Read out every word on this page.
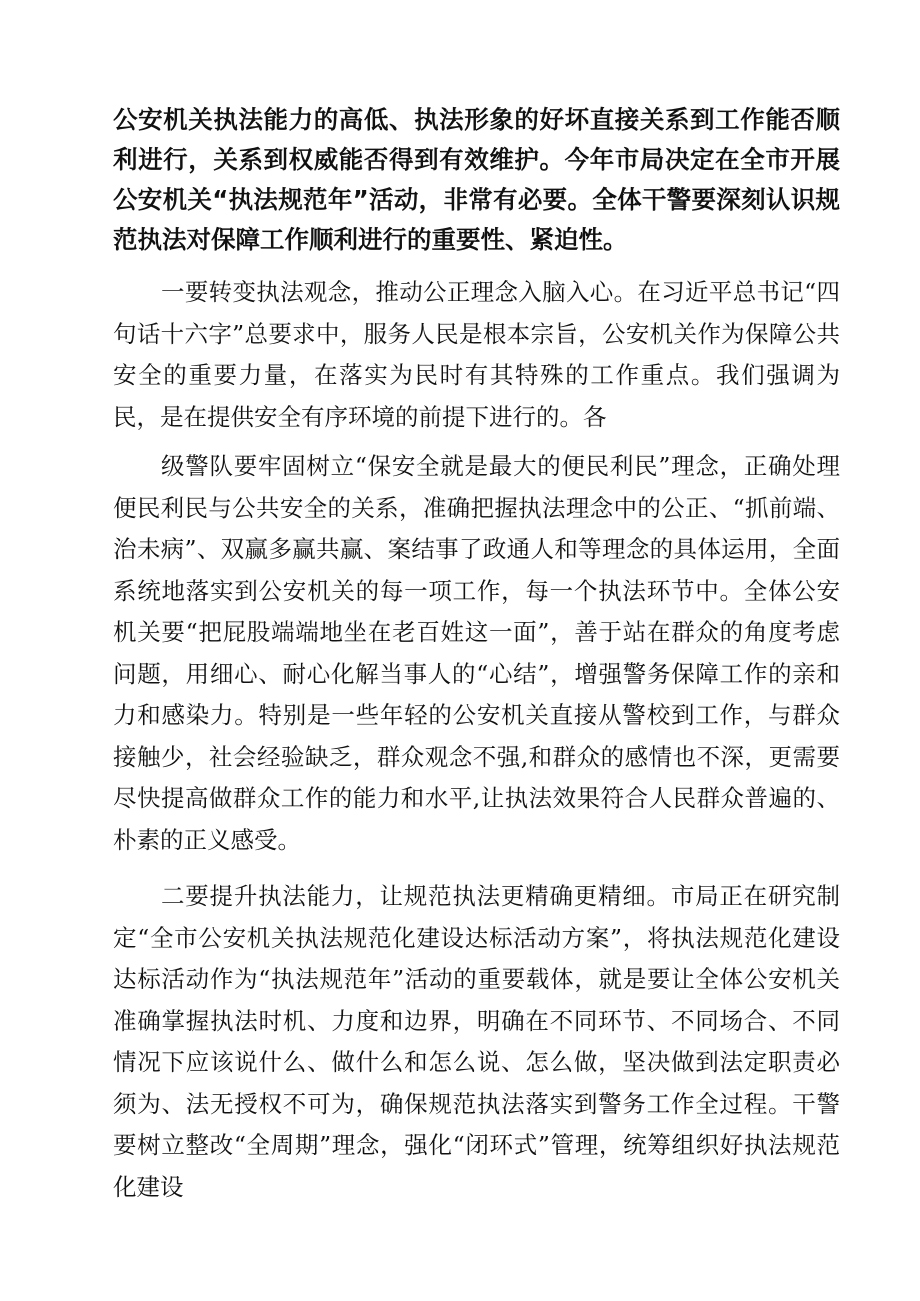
公安机关执法能力的高低、执法形象的好坏直接关系到工作能否顺利进行，关系到权威能否得到有效维护。今年市局决定在全市开展公安机关“执法规范年”活动，非常有必要。全体干警要深刻认识规范执法对保障工作顺利进行的重要性、紧迫性。

一要转变执法观念，推动公正理念入脑入心。在习近平总书记“四句话十六字”总要求中，服务人民是根本宗旨，公安机关作为保障公共安全的重要力量，在落实为民时有其特殊的工作重点。我们强调为民，是在提供安全有序环境的前提下进行的。各

级警队要牢固树立“保安全就是最大的便民利民”理念，正确处理便民利民与公共安全的关系，准确把握执法理念中的公正、“抓前端、治未病”、双赢多赢共赢、案结事了政通人和等理念的具体运用，全面系统地落实到公安机关的每一项工作，每一个执法环节中。全体公安机关要“把屁股端端地坐在老百姓这一面”，善于站在群众的角度考虑问题，用细心、耐心化解当事人的“心结”，增强警务保障工作的亲和力和感染力。特别是一些年轻的公安机关直接从警校到工作，与群众接触少，社会经验缺乏，群众观念不强,和群众的感情也不深，更需要尽快提高做群众工作的能力和水平,让执法效果符合人民群众普遍的、朴素的正义感受。

二要提升执法能力，让规范执法更精确更精细。市局正在研究制定“全市公安机关执法规范化建设达标活动方案”，将执法规范化建设达标活动作为“执法规范年”活动的重要载体，就是要让全体公安机关准确掌握执法时机、力度和边界，明确在不同环节、不同场合、不同情况下应该说什么、做什么和怎么说、怎么做，坚决做到法定职责必须为、法无授权不可为，确保规范执法落实到警务工作全过程。干警要树立整改“全周期”理念，强化“闭环式”管理，统筹组织好执法规范化建设
